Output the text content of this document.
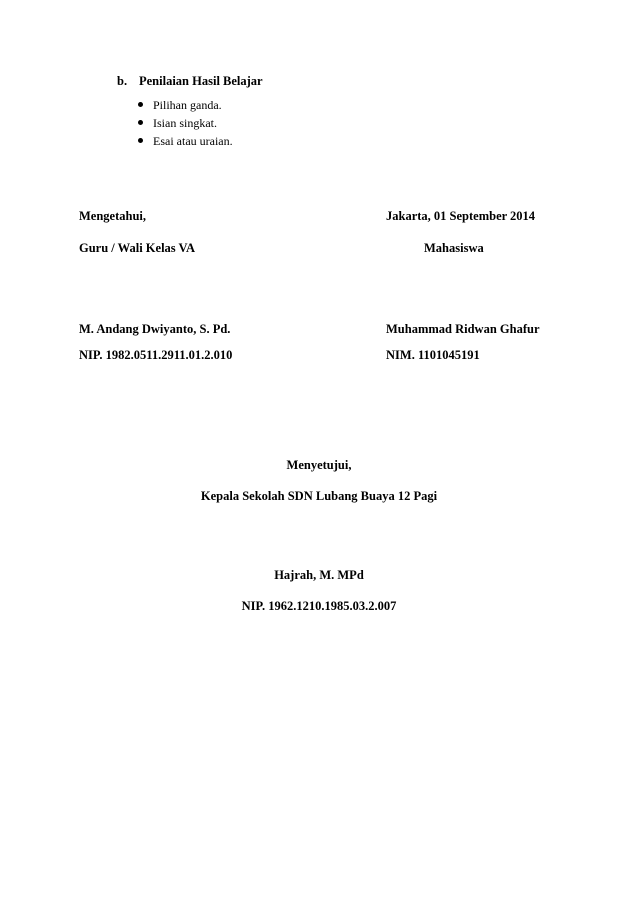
b. Penilaian Hasil Belajar
Pilihan ganda.
Isian singkat.
Esai atau uraian.
Mengetahui,
Guru / Wali Kelas VA
M. Andang Dwiyanto, S. Pd.
NIP. 1982.0511.2911.01.2.010
Jakarta, 01 September 2014
Mahasiswa
Muhammad Ridwan Ghafur
NIM. 1101045191
Menyetujui,
Kepala Sekolah SDN Lubang Buaya 12 Pagi
Hajrah, M. MPd
NIP. 1962.1210.1985.03.2.007
